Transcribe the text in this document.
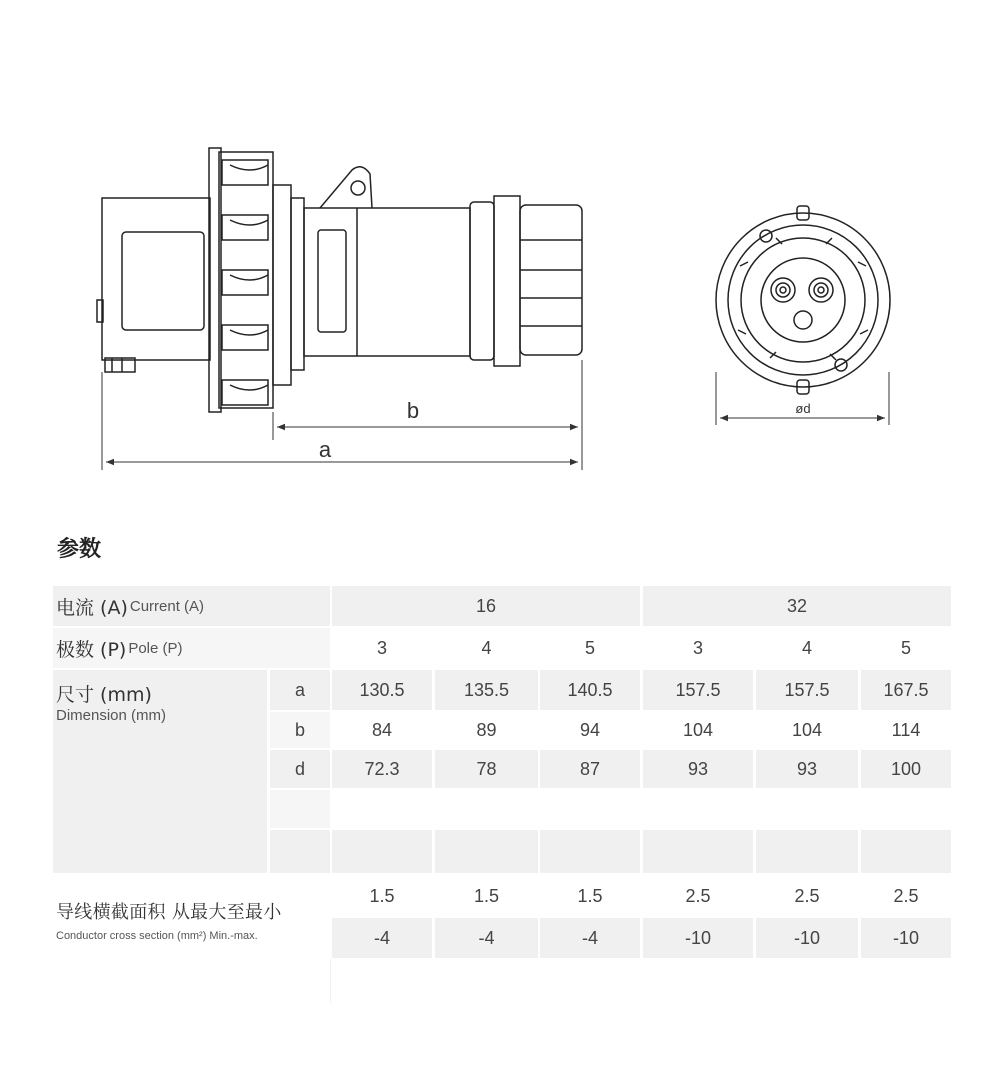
b
a
ød
参数
电流 (A) Current (A)	16	32
极数 (P) Pole (P)	3	4	5	3	4	5
尺寸 (mm)
Dimension (mm)
a	130.5	135.5	140.5	157.5	157.5	167.5
b	84	89	94	104	104	114
d	72.3	78	87	93	93	100
导线横截面积 从最大至最小
Conductor cross section (mm²) Min.-max.
1.5	1.5	1.5	2.5	2.5	2.5
-4	-4	-4	-10	-10	-10
